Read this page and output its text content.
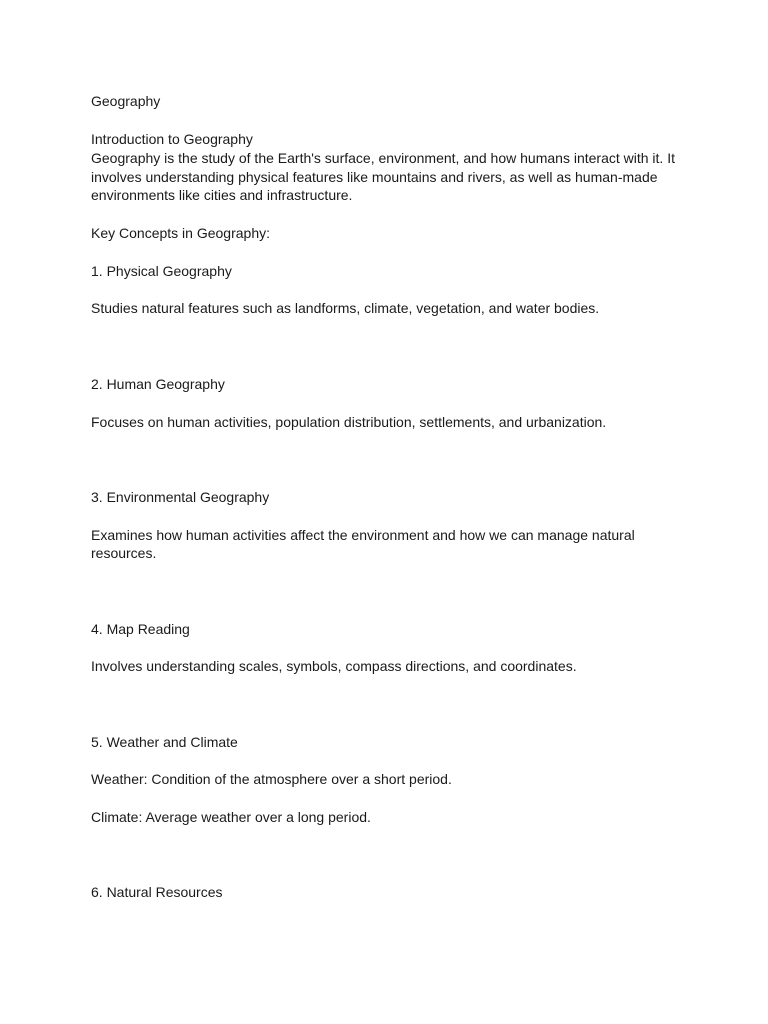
Geography

Introduction to Geography

Geography is the study of the Earth's surface, environment, and how humans interact with it. It

involves understanding physical features like mountains and rivers, as well as human-made

environments like cities and infrastructure.

Key Concepts in Geography:

1. Physical Geography

Studies natural features such as landforms, climate, vegetation, and water bodies.

2. Human Geography

Focuses on human activities, population distribution, settlements, and urbanization.

3. Environmental Geography

Examines how human activities affect the environment and how we can manage natural

resources.

4. Map Reading

Involves understanding scales, symbols, compass directions, and coordinates.

5. Weather and Climate

Weather: Condition of the atmosphere over a short period.

Climate: Average weather over a long period.

6. Natural Resources
